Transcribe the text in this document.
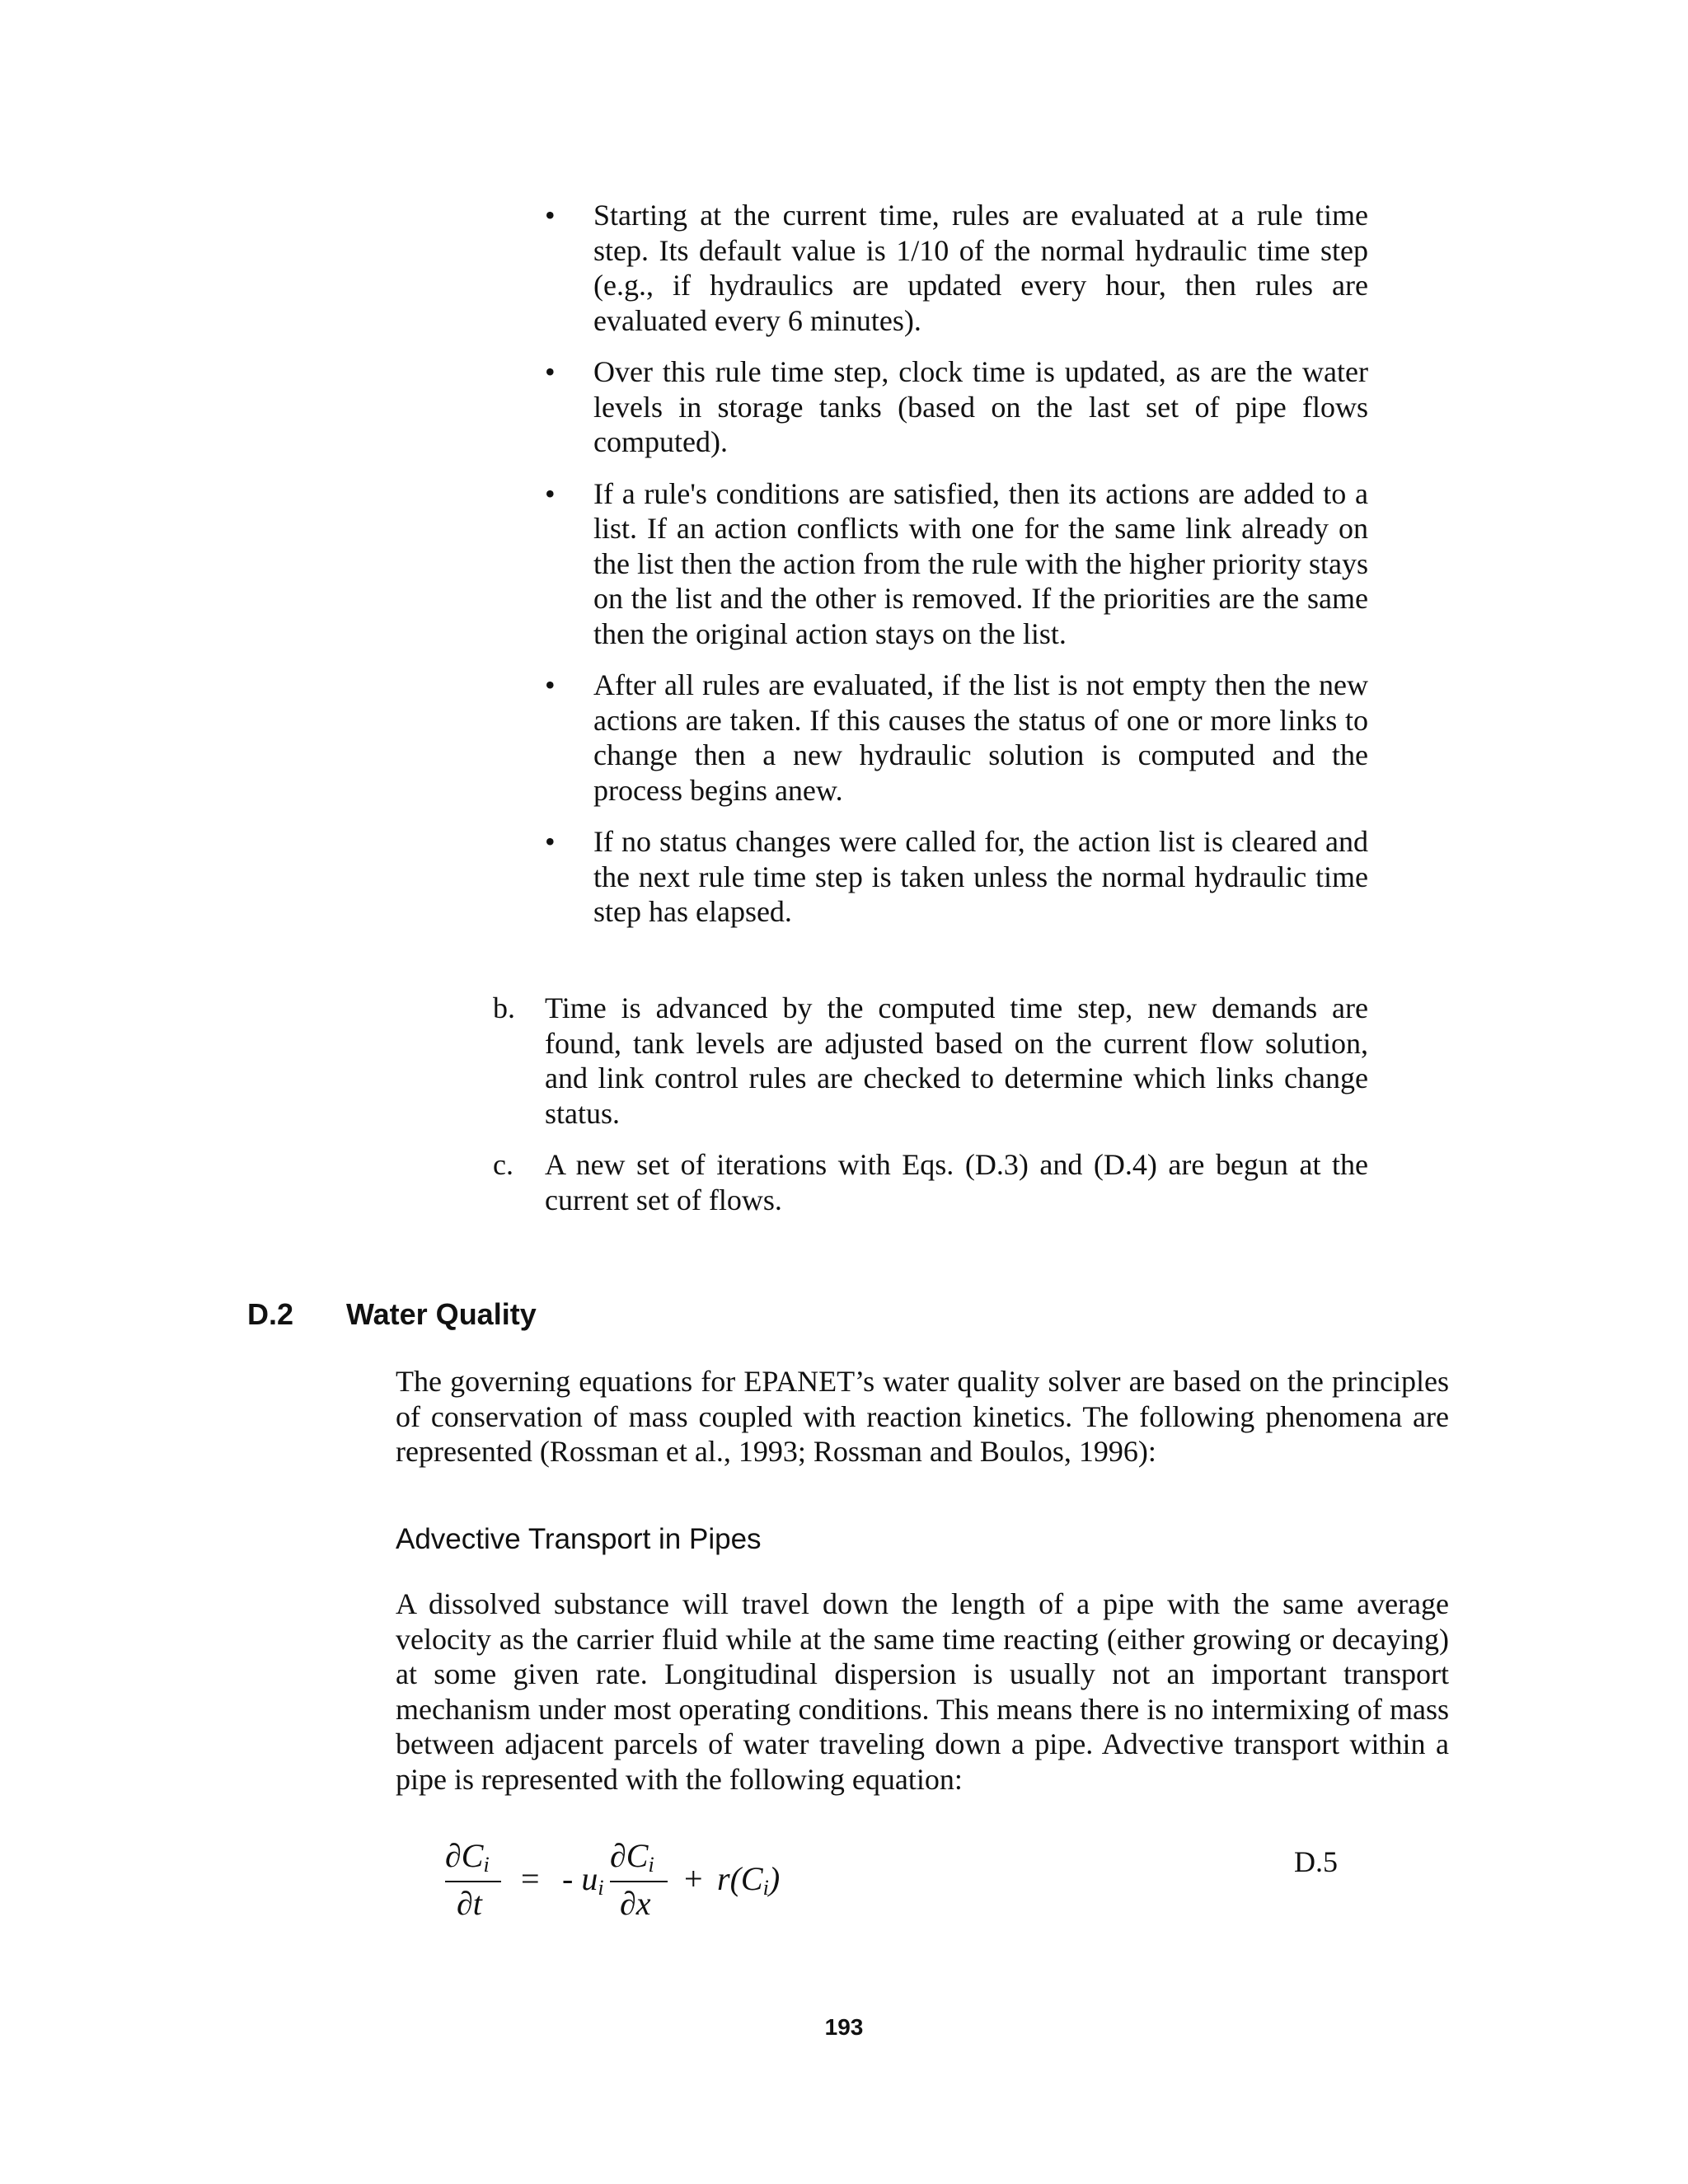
•	Starting at the current time, rules are evaluated at a rule time step. Its default value is 1/10 of the normal hydraulic time step (e.g., if hydraulics are updated every hour, then rules are evaluated every 6 minutes).

•	Over this rule time step, clock time is updated, as are the water levels in storage tanks (based on the last set of pipe flows computed).

•	If a rule's conditions are satisfied, then its actions are added to a list. If an action conflicts with one for the same link already on the list then the action from the rule with the higher priority stays on the list and the other is removed. If the priorities are the same then the original action stays on the list.

•	After all rules are evaluated, if the list is not empty then the new actions are taken. If this causes the status of one or more links to change then a new hydraulic solution is computed and the process begins anew.

•	If no status changes were called for, the action list is cleared and the next rule time step is taken unless the normal hydraulic time step has elapsed.

b. Time is advanced by the computed time step, new demands are found, tank levels are adjusted based on the current flow solution, and link control rules are checked to determine which links change status.

c. A new set of iterations with Eqs. (D.3) and (D.4) are begun at the current set of flows.

D.2 Water Quality

The governing equations for EPANET’s water quality solver are based on the principles of conservation of mass coupled with reaction kinetics. The following phenomena are represented (Rossman et al., 1993; Rossman and Boulos, 1996):

Advective Transport in Pipes

A dissolved substance will travel down the length of a pipe with the same average velocity as the carrier fluid while at the same time reacting (either growing or decaying) at some given rate. Longitudinal dispersion is usually not an important transport mechanism under most operating conditions. This means there is no intermixing of mass between adjacent parcels of water traveling down a pipe. Advective transport within a pipe is represented with the following equation:

$\partial C_i$
∂t
= - $u_i$
$\partial C_i$
∂x
+ $r(C_i)$	D.5
193
